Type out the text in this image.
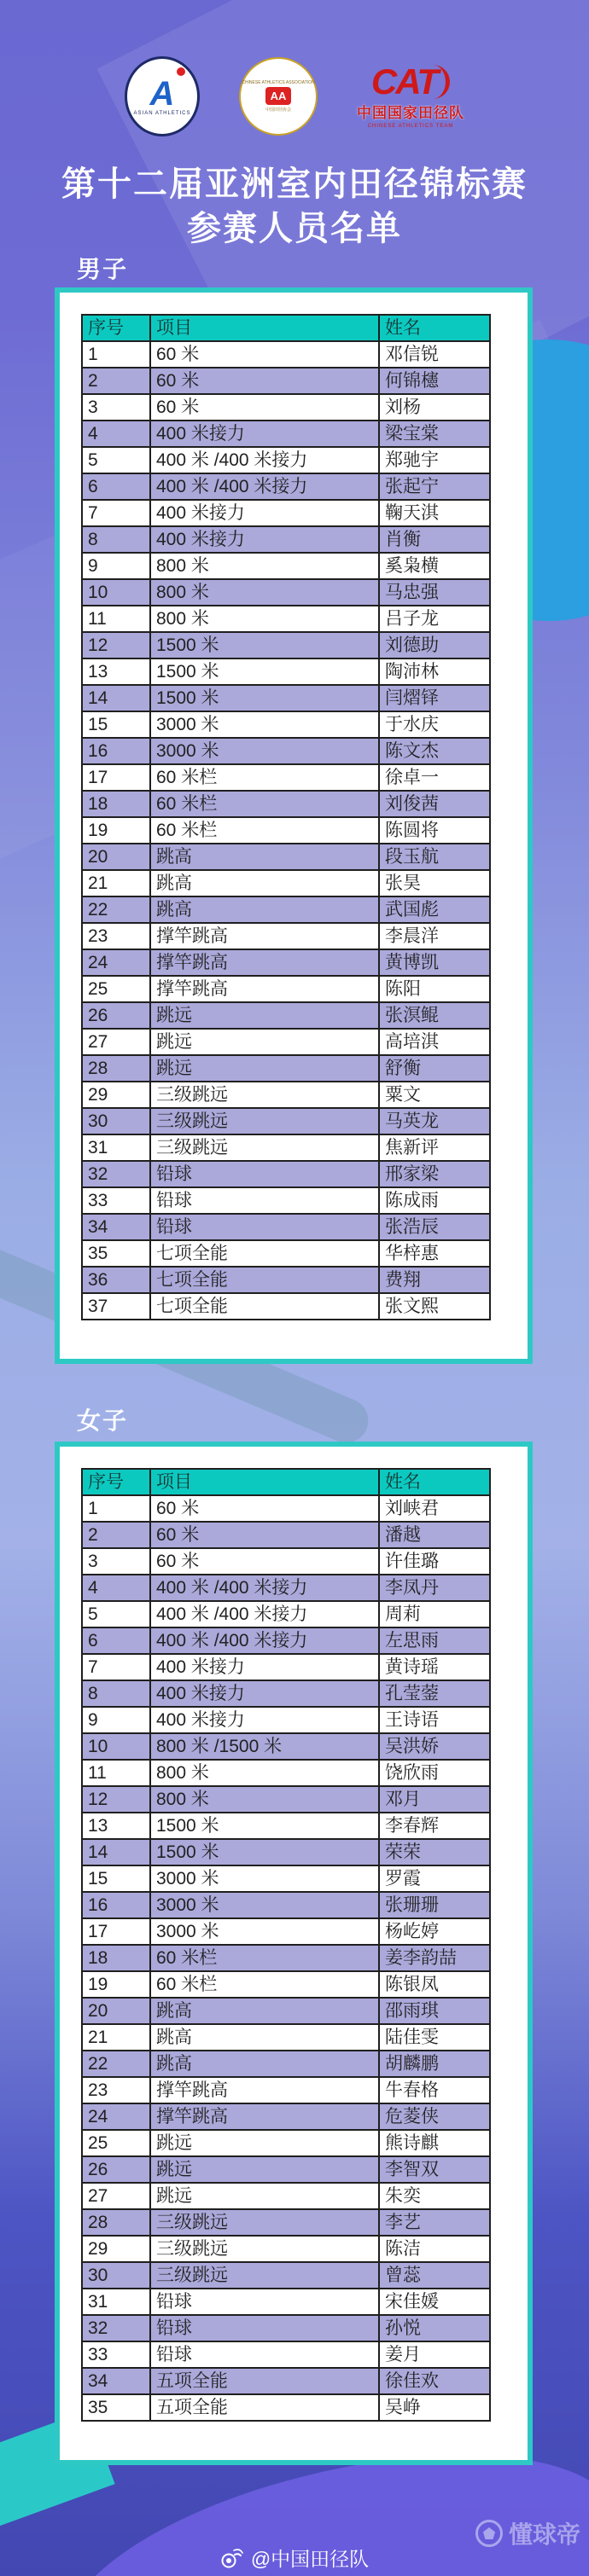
A
ASIAN ATHLETICS
CHINESE ATHLETICS ASSOCIATION
AA
中国田径协会
CAT
中国国家田径队
CHINESE ATHLETICS TEAM
第十二届亚洲室内田径锦标赛
参赛人员名单
男子
序号	项目	姓名
1	60 米	邓信锐
2	60 米	何锦櫶
3	60 米	刘杨
4	400 米接力	梁宝棠
5	400 米 /400 米接力	郑驰宇
6	400 米 /400 米接力	张起宁
7	400 米接力	鞠天淇
8	400 米接力	肖衡
9	800 米	奚枭横
10	800 米	马忠强
11	800 米	吕子龙
12	1500 米	刘德助
13	1500 米	陶沛林
14	1500 米	闫熠铎
15	3000 米	于水庆
16	3000 米	陈文杰
17	60 米栏	徐卓一
18	60 米栏	刘俊茜
19	60 米栏	陈圆将
20	跳高	段玉航
21	跳高	张昊
22	跳高	武国彪
23	撑竿跳高	李晨洋
24	撑竿跳高	黄博凯
25	撑竿跳高	陈阳
26	跳远	张溟鲲
27	跳远	高培淇
28	跳远	舒衡
29	三级跳远	粟文
30	三级跳远	马英龙
31	三级跳远	焦新评
32	铅球	邢家梁
33	铅球	陈成雨
34	铅球	张浩辰
35	七项全能	华梓惠
36	七项全能	费翔
37	七项全能	张文熙
女子
序号	项目	姓名
1	60 米	刘峡君
2	60 米	潘越
3	60 米	许佳璐
4	400 米 /400 米接力	李凤丹
5	400 米 /400 米接力	周莉
6	400 米 /400 米接力	左思雨
7	400 米接力	黄诗瑶
8	400 米接力	孔莹蓥
9	400 米接力	王诗语
10	800 米 /1500 米	吴洪娇
11	800 米	饶欣雨
12	800 米	邓月
13	1500 米	李春辉
14	1500 米	荣荣
15	3000 米	罗霞
16	3000 米	张珊珊
17	3000 米	杨屹婷
18	60 米栏	姜李韵喆
19	60 米栏	陈银凤
20	跳高	邵雨琪
21	跳高	陆佳雯
22	跳高	胡麟鹏
23	撑竿跳高	牛春格
24	撑竿跳高	危菱侠
25	跳远	熊诗麒
26	跳远	李智双
27	跳远	朱奕
28	三级跳远	李艺
29	三级跳远	陈洁
30	三级跳远	曾蕊
31	铅球	宋佳媛
32	铅球	孙悦
33	铅球	姜月
34	五项全能	徐佳欢
35	五项全能	吴峥
@中国田径队
懂球帝
